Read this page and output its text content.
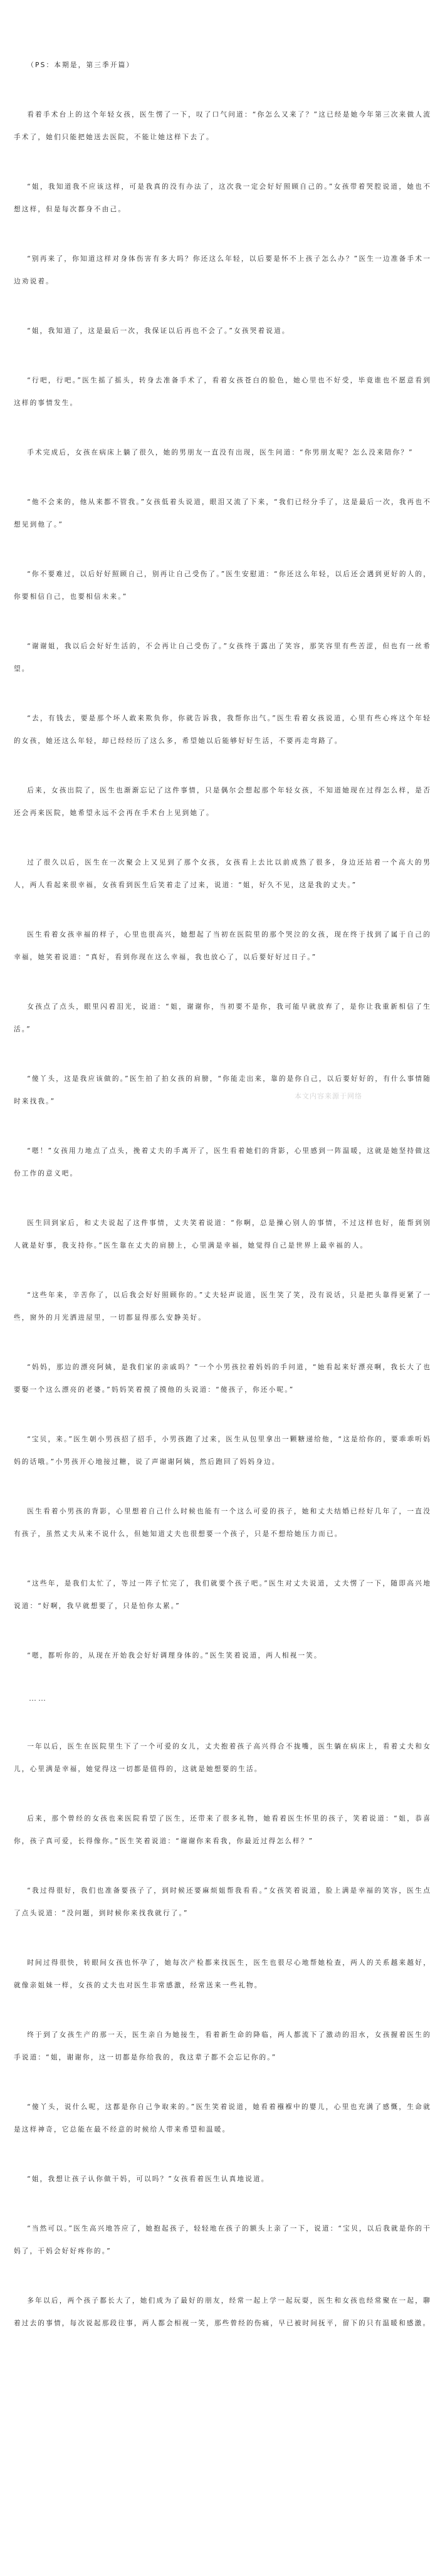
（PS：本期是，第三季开篇）

看着手术台上的这个年轻女孩，医生愣了一下，叹了口气问道：“你怎么又来了？”这已经是她今年第三次来做人流手术了，她们只能把她送去医院，不能让她这样下去了。

“姐，我知道我不应该这样，可是我真的没有办法了，这次我一定会好好照顾自己的。”女孩带着哭腔说道，她也不想这样，但是每次都身不由己。

“别再来了，你知道这样对身体伤害有多大吗？你还这么年轻，以后要是怀不上孩子怎么办？”医生一边准备手术一边劝说着。

“姐，我知道了，这是最后一次，我保证以后再也不会了。”女孩哭着说道。

“行吧，行吧。”医生摇了摇头，转身去准备手术了，看着女孩苍白的脸色，她心里也不好受，毕竟谁也不愿意看到这样的事情发生。

手术完成后，女孩在病床上躺了很久，她的男朋友一直没有出现，医生问道：“你男朋友呢？怎么没来陪你？”

“他不会来的，他从来都不管我。”女孩低着头说道，眼泪又流了下来，“我们已经分手了，这是最后一次，我再也不想见到他了。”

“你不要难过，以后好好照顾自己，别再让自己受伤了。”医生安慰道：“你还这么年轻，以后还会遇到更好的人的，你要相信自己，也要相信未来。”

“谢谢姐，我以后会好好生活的，不会再让自己受伤了。”女孩终于露出了笑容，那笑容里有些苦涩，但也有一丝希望。

“去，有钱去，要是那个坏人敢来欺负你，你就告诉我，我帮你出气。”医生看着女孩说道，心里有些心疼这个年轻的女孩，她还这么年轻，却已经经历了这么多，希望她以后能够好好生活，不要再走弯路了。

后来，女孩出院了，医生也渐渐忘记了这件事情，只是偶尔会想起那个年轻女孩，不知道她现在过得怎么样，是否还会再来医院，她希望永远不会再在手术台上见到她了。

过了很久以后，医生在一次聚会上又见到了那个女孩，女孩看上去比以前成熟了很多，身边还站着一个高大的男人，两人看起来很幸福，女孩看到医生后笑着走了过来，说道：“姐，好久不见，这是我的丈夫。”

医生看着女孩幸福的样子，心里也很高兴，她想起了当初在医院里的那个哭泣的女孩，现在终于找到了属于自己的幸福，她笑着说道：“真好，看到你现在这么幸福，我也放心了，以后要好好过日子。”

女孩点了点头，眼里闪着泪光，说道：“姐，谢谢你，当初要不是你，我可能早就放弃了，是你让我重新相信了生活。”

“傻丫头，这是我应该做的。”医生拍了拍女孩的肩膀，“你能走出来，靠的是你自己，以后要好好的，有什么事情随时来找我。”

“嗯！”女孩用力地点了点头，挽着丈夫的手离开了，医生看着她们的背影，心里感到一阵温暖，这就是她坚持做这份工作的意义吧。

医生回到家后，和丈夫说起了这件事情，丈夫笑着说道：“你啊，总是操心别人的事情，不过这样也好，能帮到别人就是好事，我支持你。”医生靠在丈夫的肩膀上，心里满是幸福，她觉得自己是世界上最幸福的人。

“这些年来，辛苦你了，以后我会好好照顾你的。”丈夫轻声说道，医生笑了笑，没有说话，只是把头靠得更紧了一些，窗外的月光洒进屋里，一切都显得那么安静美好。

“妈妈，那边的漂亮阿姨，是我们家的亲戚吗？”一个小男孩拉着妈妈的手问道，“她看起来好漂亮啊，我长大了也要娶一个这么漂亮的老婆。”妈妈笑着摸了摸他的头说道：“傻孩子，你还小呢。”

“宝贝，来。”医生朝小男孩招了招手，小男孩跑了过来，医生从包里拿出一颗糖递给他，“这是给你的，要乖乖听妈妈的话哦。”小男孩开心地接过糖，说了声谢谢阿姨，然后跑回了妈妈身边。

医生看着小男孩的背影，心里想着自己什么时候也能有一个这么可爱的孩子，她和丈夫结婚已经好几年了，一直没有孩子，虽然丈夫从来不说什么，但她知道丈夫也很想要一个孩子，只是不想给她压力而已。

“这些年，是我们太忙了，等过一阵子忙完了，我们就要个孩子吧。”医生对丈夫说道，丈夫愣了一下，随即高兴地说道：“好啊，我早就想要了，只是怕你太累。”

“嗯，都听你的，从现在开始我会好好调理身体的。”医生笑着说道，两人相视一笑。

……

一年以后，医生在医院里生下了一个可爱的女儿，丈夫抱着孩子高兴得合不拢嘴，医生躺在病床上，看着丈夫和女儿，心里满是幸福，她觉得这一切都是值得的，这就是她想要的生活。

后来，那个曾经的女孩也来医院看望了医生，还带来了很多礼物，她看着医生怀里的孩子，笑着说道：“姐，恭喜你，孩子真可爱，长得像你。”医生笑着说道：“谢谢你来看我，你最近过得怎么样？”

“我过得很好，我们也准备要孩子了，到时候还要麻烦姐帮我看看。”女孩笑着说道，脸上满是幸福的笑容，医生点了点头说道：“没问题，到时候你来找我就行了。”

时间过得很快，转眼间女孩也怀孕了，她每次产检都来找医生，医生也很尽心地帮她检查，两人的关系越来越好，就像亲姐妹一样，女孩的丈夫也对医生非常感激，经常送来一些礼物。

终于到了女孩生产的那一天，医生亲自为她接生，看着新生命的降临，两人都流下了激动的泪水，女孩握着医生的手说道：“姐，谢谢你，这一切都是你给我的，我这辈子都不会忘记你的。”

“傻丫头，说什么呢，这都是你自己争取来的。”医生笑着说道，她看着襁褓中的婴儿，心里也充满了感慨，生命就是这样神奇，它总能在最不经意的时候给人带来希望和温暖。

“姐，我想让孩子认你做干妈，可以吗？”女孩看着医生认真地说道。

“当然可以。”医生高兴地答应了，她抱起孩子，轻轻地在孩子的额头上亲了一下，说道：“宝贝，以后我就是你的干妈了，干妈会好好疼你的。”

多年以后，两个孩子都长大了，她们成为了最好的朋友，经常一起上学一起玩耍，医生和女孩也经常聚在一起，聊着过去的事情，每次说起那段往事，两人都会相视一笑，那些曾经的伤痛，早已被时间抚平，留下的只有温暖和感激。

本文内容来源于网络
